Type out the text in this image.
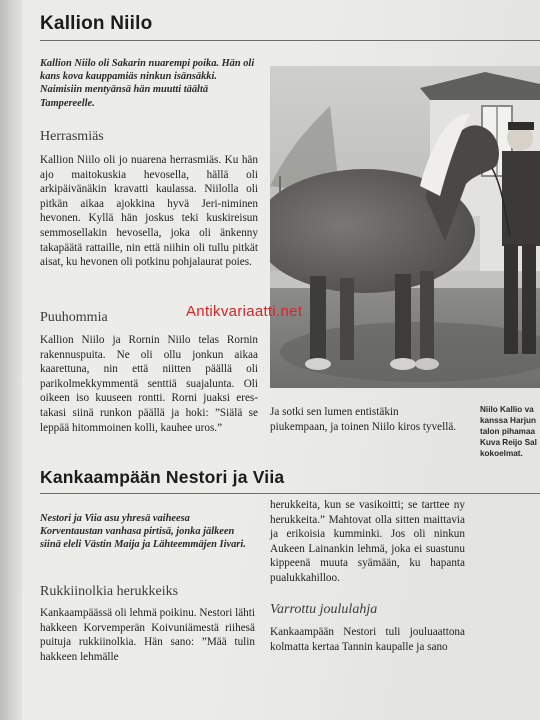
Kallion Niilo
Kallion Niilo oli Sakarin nuarempi poika. Hän oli kans kova kauppamiäs ninkun isänsäkki. Naimisiin mentyänsä hän muutti täältä Tampereelle.
Herrasmiäs

Kallion Niilo oli jo nuarena herrasmiäs. Ku hän ajo maitokuskia hevosella, hällä oli arkipäivänäkin kravatti kaulassa. Niilolla oli pitkän aikaa ajokkina hyvä Jeri-niminen hevonen. Kyllä hän joskus teki kuskireisun semmosellakin hevosella, joka oli änkenny takapäätä rattaille, nin että niihin oli tullu pitkät aisat, ku hevonen oli potkinu pohjalaurat poies.

Puuhommia

Kallion Niilo ja Rornin Niilo telas Rornin rakennuspuita. Ne oli ollu jonkun aikaa kaarettuna, nin että niitten päällä oli parikolmekkymmentä senttiä suajalunta. Oli oikeen iso kuuseen rontti. Rorni juaksi eres-takasi siinä runkon päällä ja hoki: ”Siälä se leppää hitommoinen kolli, kauhee uros.”

Antikvariaatti.net

Ja sotki sen lumen entistäkin piukempaan, ja toinen Niilo kiros tyvellä.

Niilo Kallio va
kanssa Harjun
talon pihamaa
Kuva Reijo Sal
kokoelmat.
Kankaampään Nestori ja Viia
Nestori ja Viia asu yhresä vaiheesa Korventaustan vanhasa pirtisä, jonka jälkeen siinä eleli Västin Maija ja Lähteemmäjen Iivari.
Rukkiinolkia herukkeiks

Kankaampäässä oli lehmä poikinu. Nestori lähti hakkeen Korvemperän Koivuniämestä riihesä puituja rukkiinolkia. Hän sano: ”Mää tulin hakkeen lehmälle

herukkeita, kun se vasikoitti; se tarttee ny herukkeita.” Mahtovat olla sitten maittavia ja erikoisia kumminki. Jos oli ninkun Aukeen Lainankin lehmä, joka ei suastunu kippeenä muuta syämään, ku hapanta pualukkahilloo.

Varrottu joululahja

Kankaampään Nestori tuli jouluaattona kolmatta kertaa Tannin kaupalle ja sano
